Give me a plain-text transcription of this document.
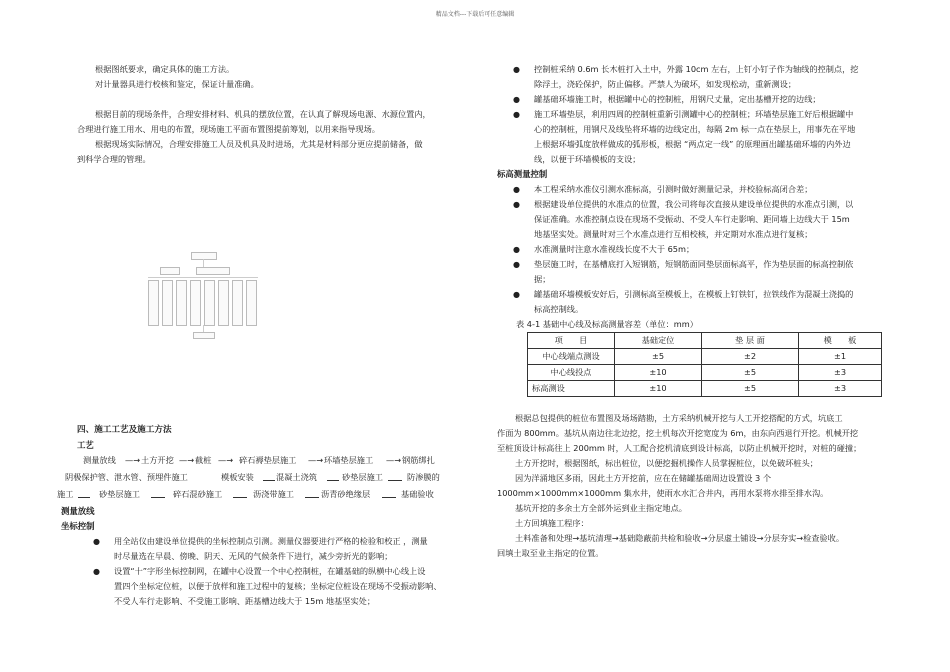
精品文档---下载后可任意编辑

根据图纸要求，确定具体的施工方法。

对计量器具进行校核和鉴定，保证计量准确。

根据目前的现场条件，合理安排材料、机具的摆放位置，在认真了解现场电源、水源位置内，

合理进行施工用水、用电的布置，现场施工平面布置图提前筹划，以用来指导现场。

根据现场实际情况，合理安排施工人员及机具及时进场，尤其是材料部分更应提前储备，做

到科学合理的管理。

四、施工工艺及施工方法

工艺

测量放线 —→ 土方开挖 —→ 截桩 —→ 碎石褥垫层施工 —→ 环墙垫层施工 —→ 钢筋绑扎
阴极保护管、泄水管、预埋件施工	模板安装	混凝土浇筑	砂垫层施工	防渗膜的
施工	砂垫层施工	碎石混砂施工	沥浇带施工	沥青砂绝缘层	基础验收

测量放线

坐标控制

● 用全站仪由建设单位提供的坐标控制点引测。测量仪器要进行严格的检验和校正 ，测量

时尽量选在早晨、傍晚、阴天、无风的气候条件下进行，减少旁折光的影响；

● 设置“十”字形坐标控制网，在罐中心设置一个中心控制桩，在罐基础的纵横中心线上设

置四个坐标定位桩，以便于放样和施工过程中的复核；坐标定位桩设在现场不受振动影响、

不受人车行走影响、不受施工影响、距基槽边线大于 15m 地基坚实处；

● 控制桩采纳 0.6m 长木桩打入土中，外露 10cm 左右，上钉小钉子作为轴线的控制点，挖

除浮土，浇砼保护，防止偏移。严禁人为破坏，如发现松动，重新测设；

● 罐基础环墙施工时，根据罐中心的控制桩，用钢尺丈量，定出基槽开挖的边线；

● 施工环墙垫层，利用四周的控制桩重新引测罐中心的控制桩；环墙垫层施工好后根据罐中

心的控制桩，用钢尺及线坠将环墙的边线定出，每隔 2m 标一点在垫层上，用事先在平地

上根据环墙弧度放样做成的弧形板，根据 “两点定一线” 的原理画出罐基础环墙的内外边

线，以便于环墙模板的支设；

标高测量控制

● 本工程采纳水准仪引测水准标高，引测时做好测量记录，并校验标高闭合差；

● 根据建设单位提供的水准点的位置，我公司将每次直接从建设单位提供的水准点引测，以

保证准确。水准控制点设在现场不受振动、不受人车行走影响、距同墙上边线大于 15m

地基坚实处。测量时对三个水准点进行互相校核，并定期对水准点进行复核；

● 水准测量时注意水准视线长度不大于 65m；

● 垫层施工时，在基槽底打入短钢筋，短钢筋面同垫层面标高平，作为垫层面的标高控制依

据；

● 罐基础环墙模板安好后，引测标高至模板上，在模板上钉铁钉，拉铁线作为混凝土浇捣的

标高控制线。

表 4-1 基础中心线及标高测量容差（单位：mm）

项　　目	基础定位	垫 层 面	模　　板
中心线端点测设	±5	±2	±1
中心线投点	±10	±5	±3
标高测设	±10	±5	±3

根据总包提供的桩位布置图及场场踏勘，土方采纳机械开挖与人工开挖搭配的方式，坑底工

作面为 800mm。基坑从南边往北边挖，挖土机每次开挖宽度为 6m，由东向西退行开挖。机械开挖

至桩顶设计标高往上 200mm 时，人工配合挖机清底到设计标高，以防止机械开挖时，对桩的碰撞；

土方开挖时，根据图纸，标出桩位，以便挖掘机操作人员掌握桩位，以免破坏桩头；

因为洋涌地区多雨，因此土方开挖前，应在在储罐基础周边设置设 3 个

1000mm×1000mm×1000mm 集水井，使雨水水汇合井内，再用水泵将水排至排水沟。

基坑开挖的多余土方全部外运到业主指定地点。

土方回填施工程序：

土料准备和处理→基坑清理→基础隐蔽前共检和验收→分层虚土铺设→分层夯实→检查验收。

回填土取至业主指定的位置。
